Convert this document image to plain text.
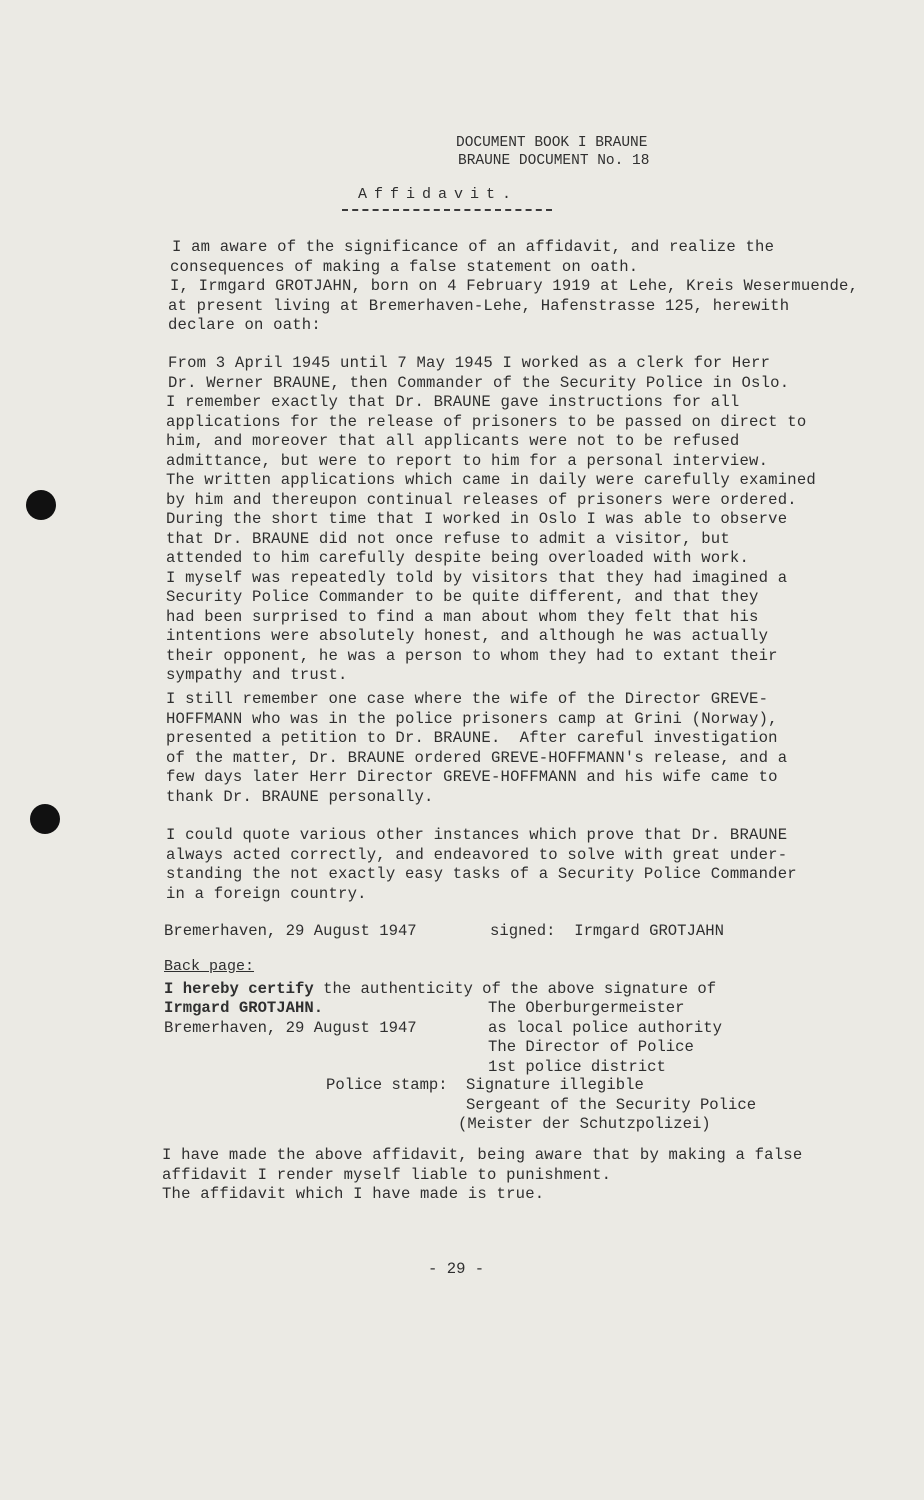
DOCUMENT BOOK I BRAUNE
BRAUNE DOCUMENT No. 18
Affidavit.
I am aware of the significance of an affidavit, and realize the
consequences of making a false statement on oath.
I, Irmgard GROTJAHN, born on 4 February 1919 at Lehe, Kreis Wesermuende,
at present living at Bremerhaven-Lehe, Hafenstrasse 125, herewith
declare on oath:
From 3 April 1945 until 7 May 1945 I worked as a clerk for Herr
Dr. Werner BRAUNE, then Commander of the Security Police in Oslo.
I remember exactly that Dr. BRAUNE gave instructions for all
applications for the release of prisoners to be passed on direct to
him, and moreover that all applicants were not to be refused
admittance, but were to report to him for a personal interview.
The written applications which came in daily were carefully examined
by him and thereupon continual releases of prisoners were ordered.
During the short time that I worked in Oslo I was able to observe
that Dr. BRAUNE did not once refuse to admit a visitor, but
attended to him carefully despite being overloaded with work.
I myself was repeatedly told by visitors that they had imagined a
Security Police Commander to be quite different, and that they
had been surprised to find a man about whom they felt that his
intentions were absolutely honest, and although he was actually
their opponent, he was a person to whom they had to extant their
sympathy and trust.
I still remember one case where the wife of the Director GREVE-
HOFFMANN who was in the police prisoners camp at Grini (Norway),
presented a petition to Dr. BRAUNE.  After careful investigation
of the matter, Dr. BRAUNE ordered GREVE-HOFFMANN's release, and a
few days later Herr Director GREVE-HOFFMANN and his wife came to
thank Dr. BRAUNE personally.
I could quote various other instances which prove that Dr. BRAUNE
always acted correctly, and endeavored to solve with great under-
standing the not exactly easy tasks of a Security Police Commander
in a foreign country.
Bremerhaven, 29 August 1947	signed:  Irmgard GROTJAHN
Back page:
I hereby certify the authenticity of the above signature of
Irmgard GROTJAHN.
Bremerhaven, 29 August 1947
The Oberburgermeister
as local police authority
The Director of Police
1st police district
Police stamp: Signature illegible
Sergeant of the Security Police
(Meister der Schutzpolizei)
I have made the above affidavit, being aware that by making a false
affidavit I render myself liable to punishment.
The affidavit which I have made is true.
- 29 -
